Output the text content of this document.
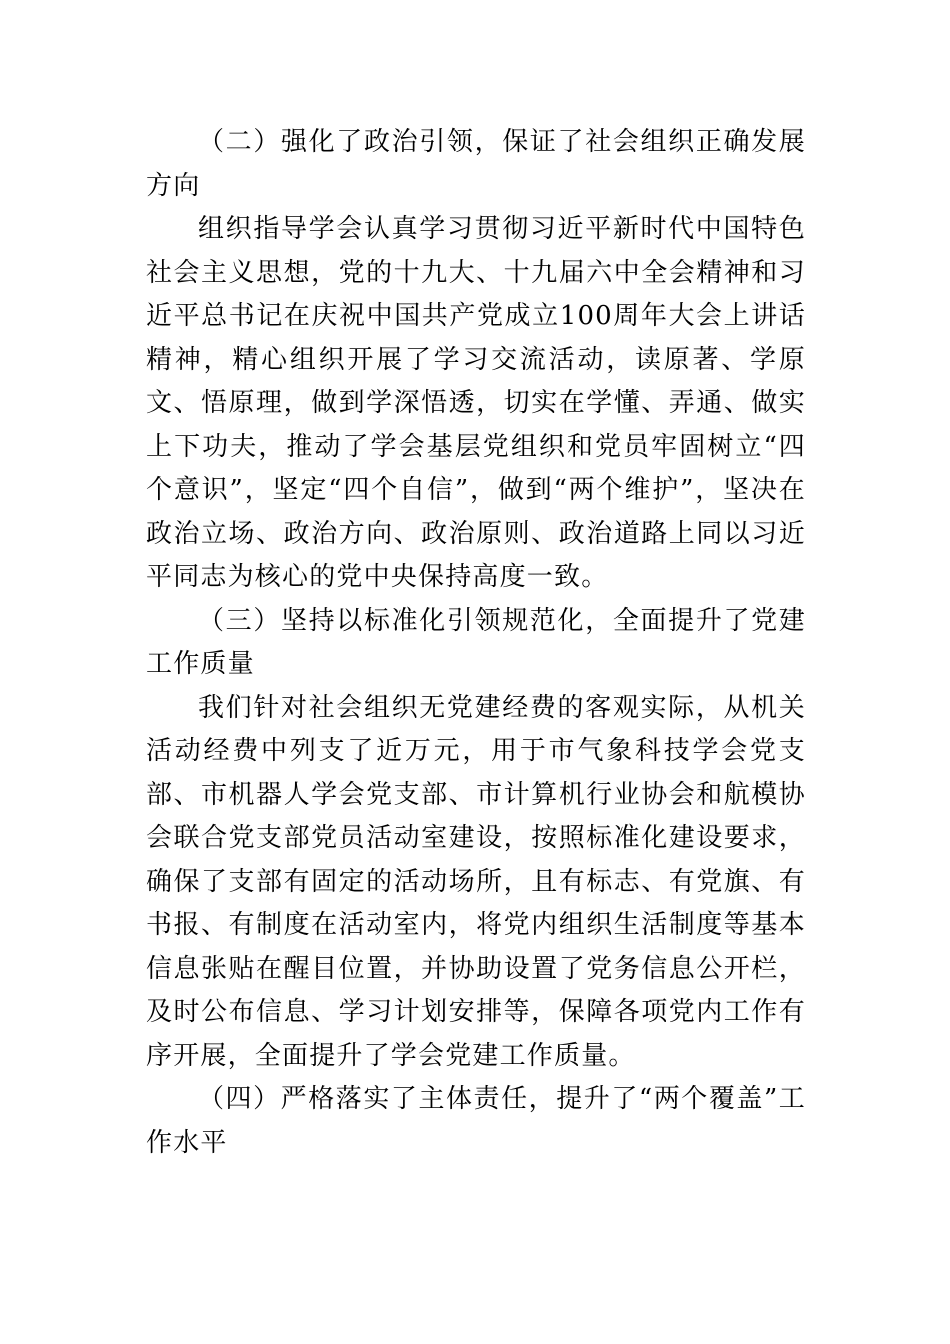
（二）强化了政治引领，保证了社会组织正确发展方向

组织指导学会认真学习贯彻习近平新时代中国特色社会主义思想，党的十九大、十九届六中全会精神和习近平总书记在庆祝中国共产党成立100周年大会上讲话精神，精心组织开展了学习交流活动，读原著、学原文、悟原理，做到学深悟透，切实在学懂、弄通、做实上下功夫，推动了学会基层党组织和党员牢固树立“四个意识”，坚定“四个自信”，做到“两个维护”，坚决在政治立场、政治方向、政治原则、政治道路上同以习近平同志为核心的党中央保持高度一致。

（三）坚持以标准化引领规范化，全面提升了党建工作质量

我们针对社会组织无党建经费的客观实际，从机关活动经费中列支了近万元，用于市气象科技学会党支部、市机器人学会党支部、市计算机行业协会和航模协会联合党支部党员活动室建设，按照标准化建设要求，确保了支部有固定的活动场所，且有标志、有党旗、有书报、有制度在活动室内，将党内组织生活制度等基本信息张贴在醒目位置，并协助设置了党务信息公开栏，及时公布信息、学习计划安排等，保障各项党内工作有序开展，全面提升了学会党建工作质量。

（四）严格落实了主体责任，提升了“两个覆盖”工作水平
